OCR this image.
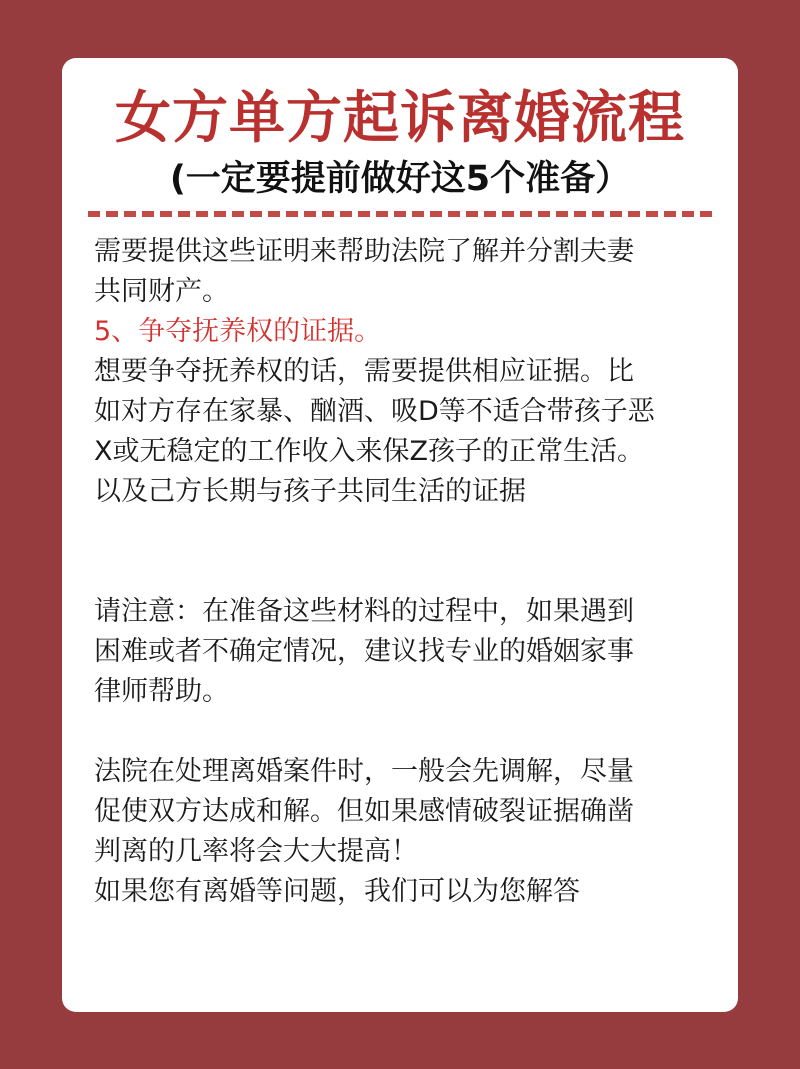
女方单方起诉离婚流程
(一定要提前做好这5个准备）

需要提供这些证明来帮助法院了解并分割夫妻

共同财产。

5、争夺抚养权的证据。

想要争夺抚养权的话，需要提供相应证据。比

如对方存在家暴、酗酒、吸D等不适合带孩子恶

X或无稳定的工作收入来保Z孩子的正常生活。

以及己方长期与孩子共同生活的证据

请注意：在准备这些材料的过程中，如果遇到

困难或者不确定情况，建议找专业的婚姻家事

律师帮助。

法院在处理离婚案件时，一般会先调解，尽量

促使双方达成和解。但如果感情破裂证据确凿

判离的几率将会大大提高！

如果您有离婚等问题，我们可以为您解答
